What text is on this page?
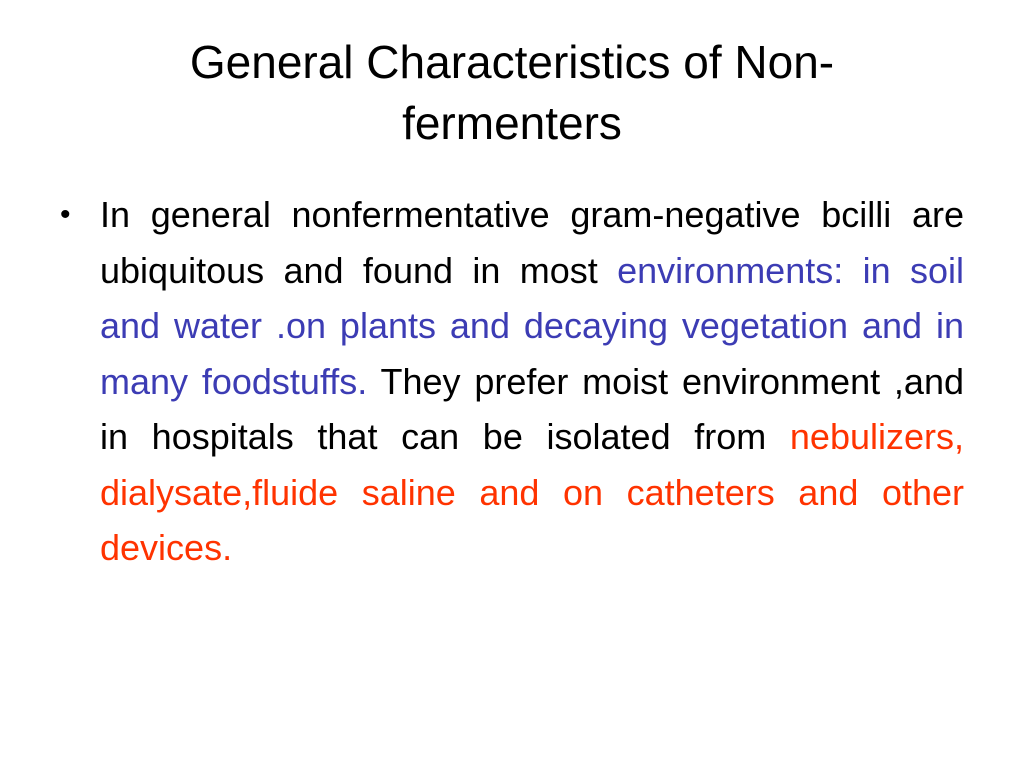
General Characteristics of Non-
fermenters
• In general nonfermentative gram-negative bcilli are ubiquitous and found in most environments: in soil and water .on plants and decaying vegetation and in many foodstuffs. They prefer moist environment ,and in hospitals that can be isolated from nebulizers, dialysate,fluide saline and on catheters and other devices.
